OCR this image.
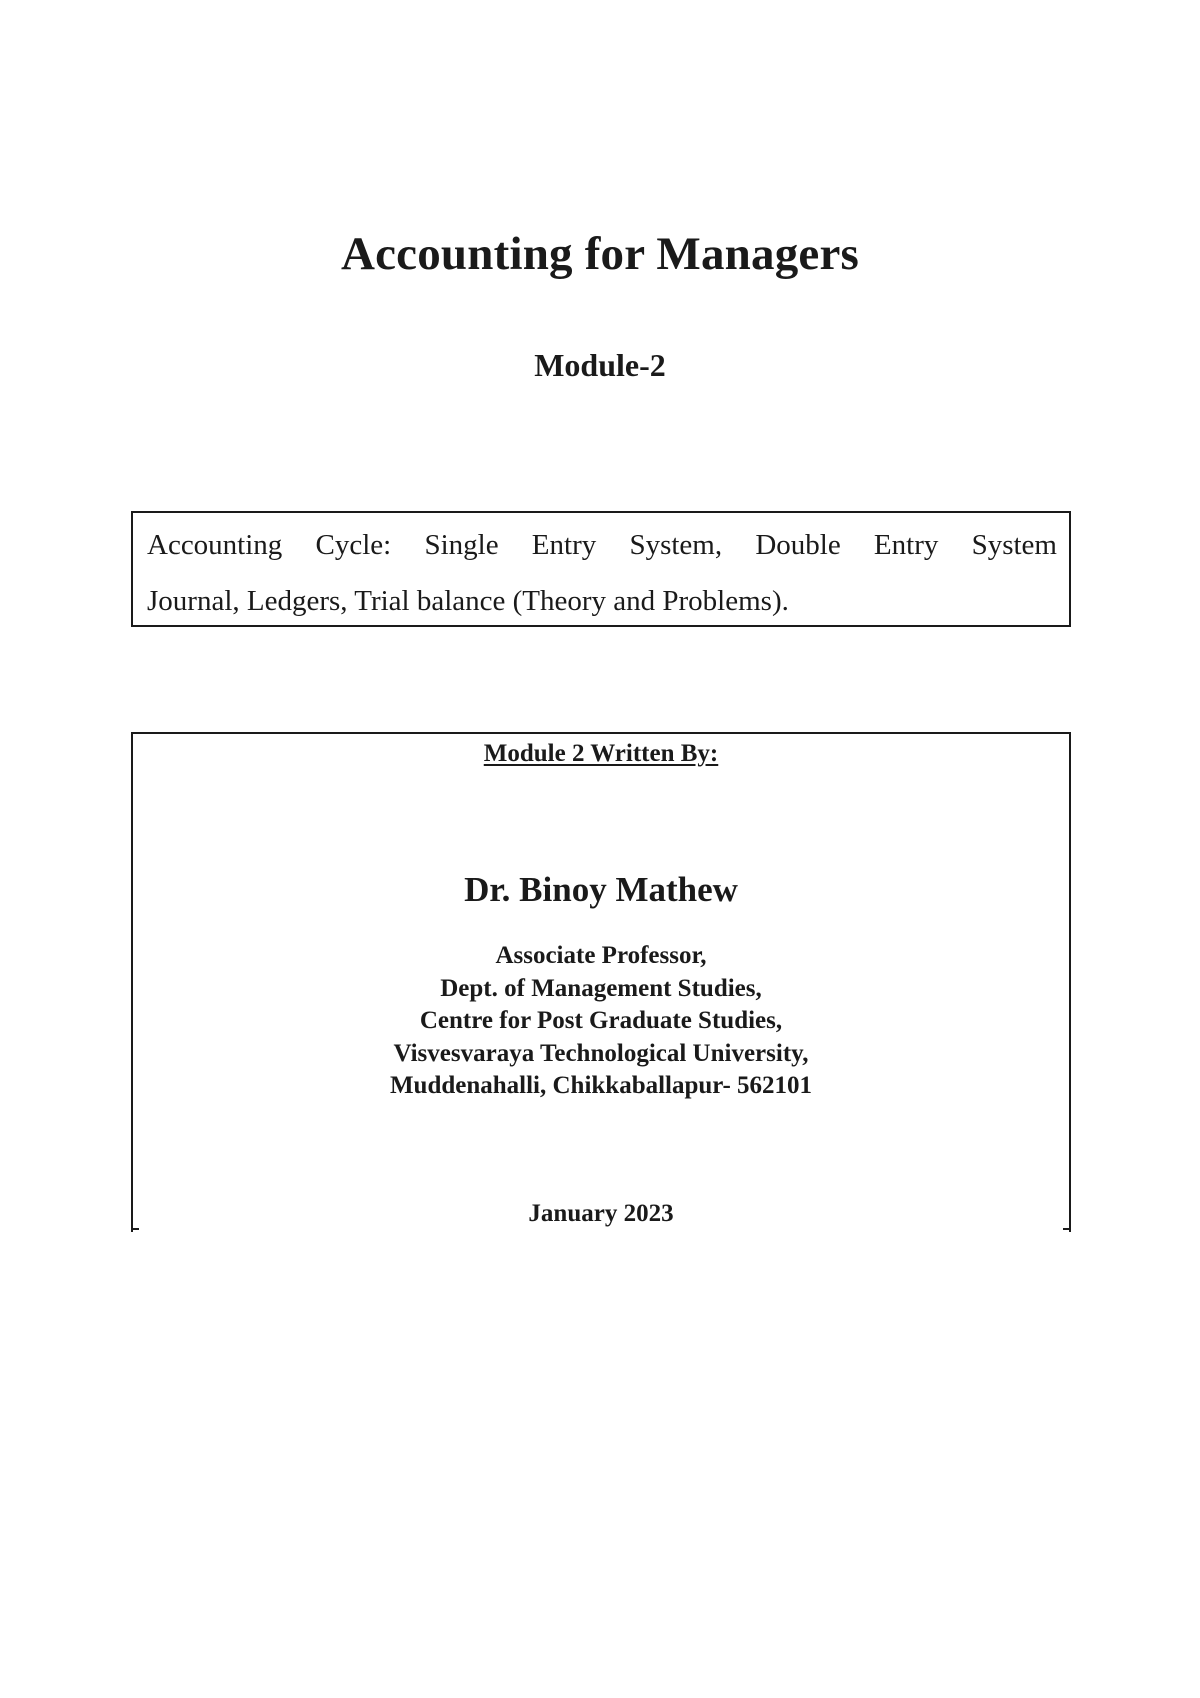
Accounting for Managers
Module-2
Accounting Cycle: Single Entry System, Double Entry System
Journal, Ledgers, Trial balance (Theory and Problems).
Module 2 Written By:
Dr. Binoy Mathew
Associate Professor,
Dept. of Management Studies,
Centre for Post Graduate Studies,
Visvesvaraya Technological University,
Muddenahalli, Chikkaballapur- 562101
January 2023
